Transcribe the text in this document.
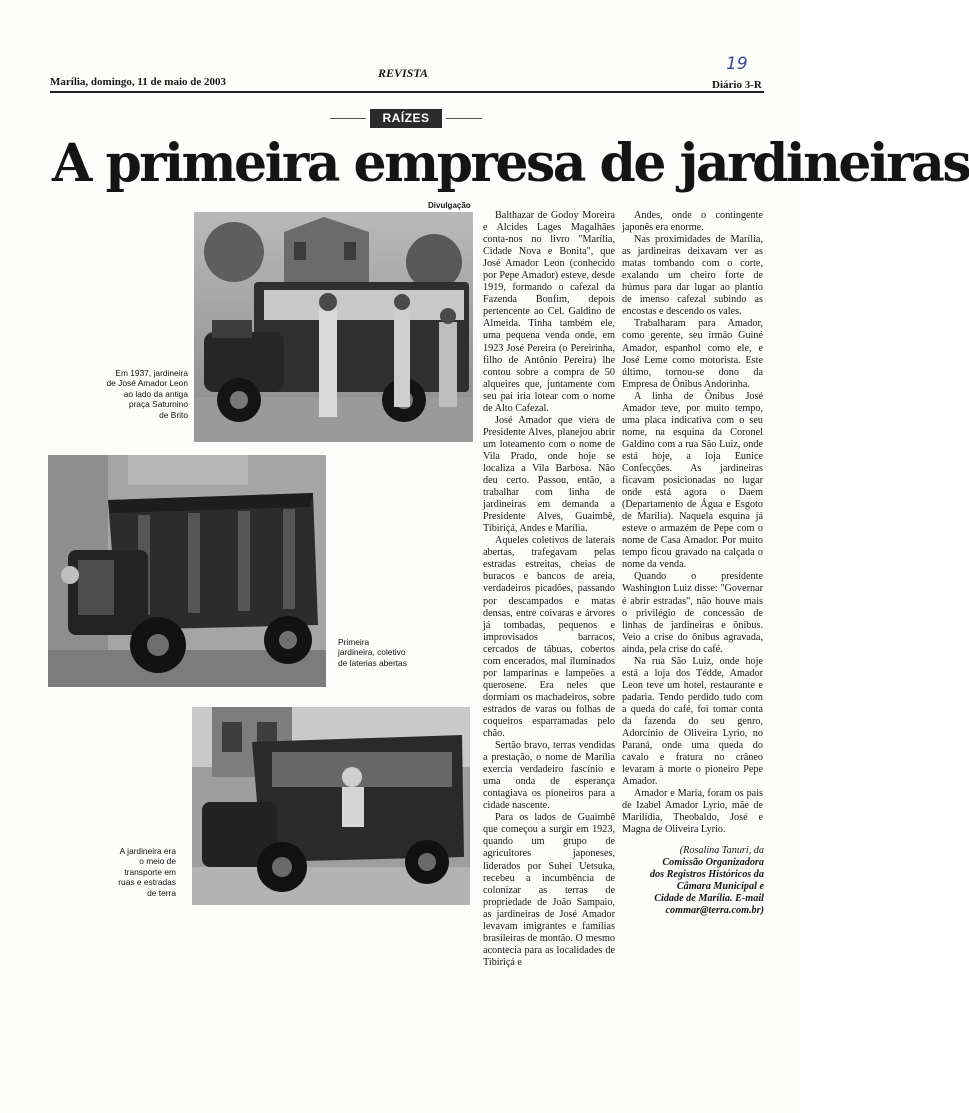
Marília, domingo, 11 de maio de 2003
REVISTA
Diário 3-R
19
RAÍZES
A primeira empresa de jardineiras
Divulgação
Em 1937, jardineira
de José Amador Leon
ao lado da antiga
praça Saturnino
de Brito
Primeira
jardineira, coletivo
de laterias abertas
A jardineira era
o meio de
transporte em
ruas e estradas
de terra

Balthazar de Godoy Moreira e Alcides Lages Magalhães conta-nos no livro "Marília, Cidade Nova e Bonita", que José Amador Leon (conhecido por Pepe Amador) esteve, desde 1919, formando o cafezal da Fazenda Bonfim, depois pertencente ao Cel. Galdino de Almeida. Tinha também ele, uma pequena venda onde, em 1923 José Pereira (o Pereirinha, filho de Antônio Pereira) lhe contou sobre a compra de 50 alqueires que, juntamente com seu pai iria lotear com o nome de Alto Cafezal.

José Amador que viera de Presidente Alves, planejou abrir um loteamento com o nome de Vila Prado, onde hoje se localiza a Vila Barbosa. Não deu certo. Passou, então, a trabalhar com linha de jardineiras em demanda a Presidente Alves, Guaimbê, Tibiriçá, Andes e Marília.

Aqueles coletivos de laterais abertas, trafegavam pelas estradas estreitas, cheias de buracos e bancos de areia, verdadeiros picadões, passando por descampados e matas densas, entre coivaras e árvores já tombadas, pequenos e improvisados barracos, cercados de tábuas, cobertos com encerados, mal iluminados por lamparinas e lampeões a querosene. Era neles que dormiam os machadeiros, sobre estrados de varas ou folhas de coqueiros esparramadas pelo chão.

Sertão bravo, terras vendidas a prestação, o nome de Marília exercia verdadeiro fascínio e uma onda de esperança contagiava os pioneiros para a cidade nascente.

Para os lados de Guaimbê que começou a surgir em 1923, quando um grupo de agricultores japoneses, liderados por Suhei Uetsuka, recebeu a incumbência de colonizar as terras de propriedade de João Sampaio, as jardineiras de José Amador levavam imigrantes e famílias brasileiras de montão. O mesmo acontecia para as localidades de Tibiriçá e

Andes, onde o contingente japonês era enorme.

Nas proximidades de Marília, as jardineiras deixavam ver as matas tombando com o corte, exalando um cheiro forte de húmus para dar lugar ao plantio de imenso cafezal subindo as encostas e descendo os vales.

Trabalharam para Amador, como gerente, seu irmão Guiné Amador, espanhol como ele, e José Leme como motorista. Este último, tornou-se dono da Empresa de Ônibus Andorinha.

A linha de Ônibus José Amador teve, por muito tempo, uma placa indicativa com o seu nome, na esquina da Coronel Galdino com a rua São Luiz, onde está hoje, a loja Eunice Confecções. As jardineiras ficavam posicionadas no lugar onde está agora o Daem (Departamento de Água e Esgoto de Marília). Naquela esquina já esteve o armazém de Pepe com o nome de Casa Amador. Por muito tempo ficou gravado na calçada o nome da venda.

Quando o presidente Washington Luiz disse: "Governar é abrir estradas", não houve mais o privilégio de concessão de linhas de jardineiras e ônibus. Veio a crise do ônibus agravada, ainda, pela crise do café.

Na rua São Luiz, onde hoje está a loja dos Tédde, Amador Leon teve um hotel, restaurante e padaria. Tendo perdido tudo com a queda do café, foi tomar conta da fazenda do seu genro, Adorcínio de Oliveira Lyrio, no Paraná, onde uma queda do cavalo e fratura no crâneo levaram à morte o pioneiro Pepe Amador.

Amador e Maria, foram os pais de Izabel Amador Lyrio, mãe de Marilídia, Theobaldo, José e Magna de Oliveira Lyrio.

(Rosalina Tanuri, da
Comissão Organizadora
dos Registros Históricos da
Câmara Municipal e
Cidade de Marília. E-mail
commar@terra.com.br)
